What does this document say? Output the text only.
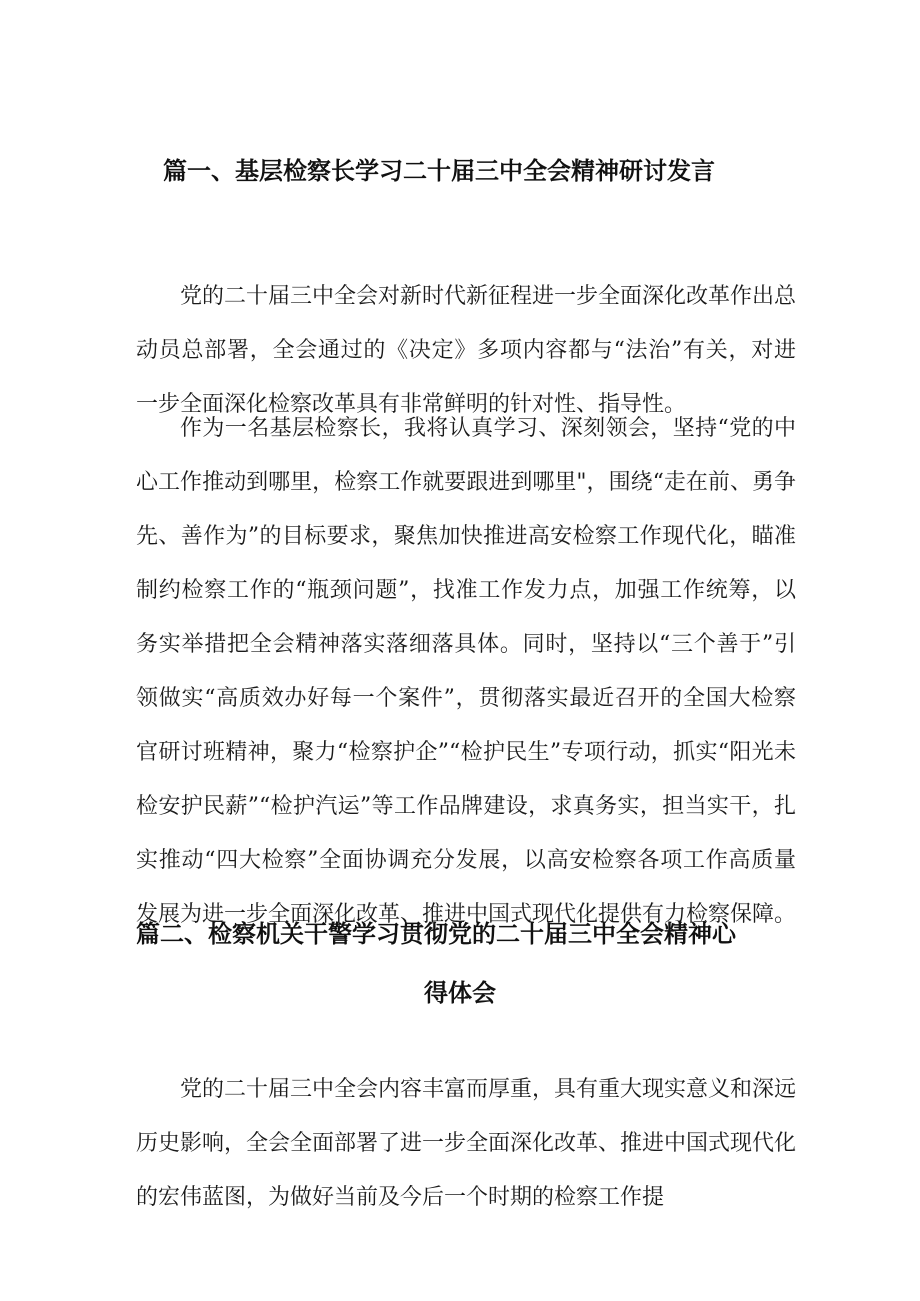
篇一、基层检察长学习二十届三中全会精神研讨发言

党的二十届三中全会对新时代新征程进一步全面深化改革作出总动员总部署，全会通过的《决定》多项内容都与“法治”有关，对进一步全面深化检察改革具有非常鲜明的针对性、指导性。

作为一名基层检察长，我将认真学习、深刻领会，坚持“党的中心工作推动到哪里，检察工作就要跟进到哪里"，围绕“走在前、勇争先、善作为”的目标要求，聚焦加快推进高安检察工作现代化，瞄准制约检察工作的“瓶颈问题”，找准工作发力点，加强工作统筹，以务实举措把全会精神落实落细落具体。同时，坚持以“三个善于”引领做实“高质效办好每一个案件”，贯彻落实最近召开的全国大检察官研讨班精神，聚力“检察护企”“检护民生”专项行动，抓实“阳光未检安护民薪”“检护汽运”等工作品牌建设，求真务实，担当实干，扎实推动“四大检察”全面协调充分发展，以高安检察各项工作高质量发展为进一步全面深化改革、推进中国式现代化提供有力检察保障。

篇二、检察机关干警学习贯彻党的二十届三中全会精神心
得体会

党的二十届三中全会内容丰富而厚重，具有重大现实意义和深远历史影响，全会全面部署了进一步全面深化改革、推进中国式现代化的宏伟蓝图，为做好当前及今后一个时期的检察工作提
